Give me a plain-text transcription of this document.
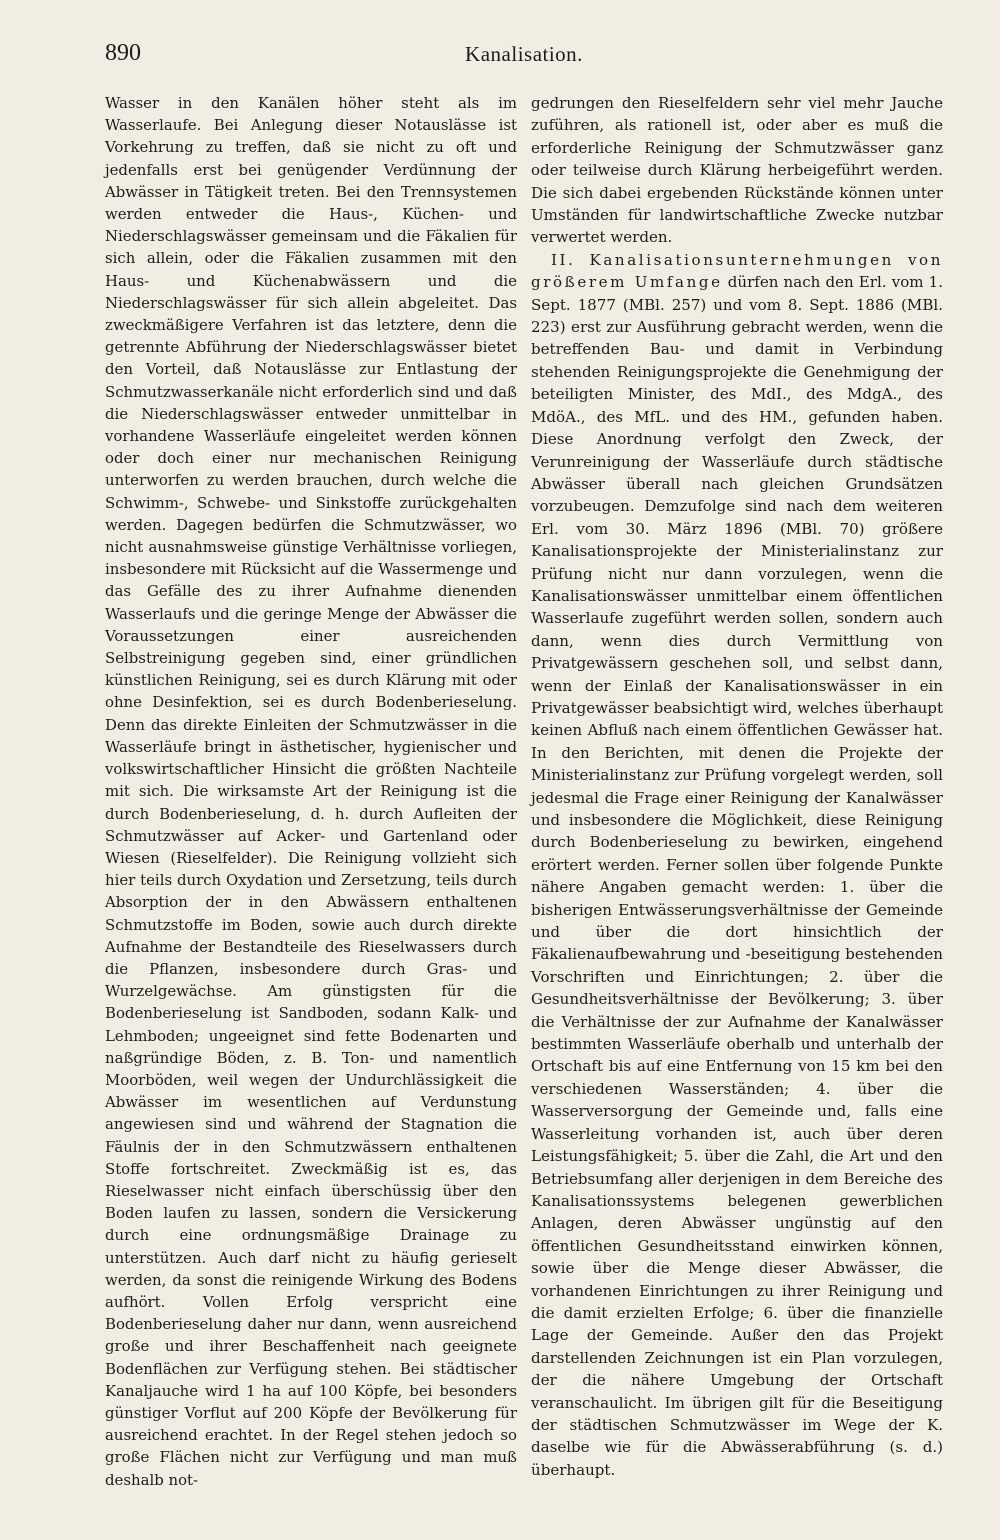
890	Kanalisation.

Wasser in den Kanälen höher steht als im Wasserlaufe. Bei Anlegung dieser Notauslässe ist Vorkehrung zu treffen, daß sie nicht zu oft und jedenfalls erst bei genügender Verdünnung der Abwässer in Tätigkeit treten. Bei den Trennsystemen werden entweder die Haus-, Küchen- und Niederschlagswässer gemeinsam und die Fäkalien für sich allein, oder die Fäkalien zusammen mit den Haus- und Küchenabwässern und die Niederschlagswässer für sich allein abgeleitet. Das zweckmäßigere Verfahren ist das letztere, denn die getrennte Abführung der Niederschlagswässer bietet den Vorteil, daß Notauslässe zur Entlastung der Schmutzwasserkanäle nicht erforderlich sind und daß die Niederschlagswässer entweder unmittelbar in vorhandene Wasserläufe eingeleitet werden können oder doch einer nur mechanischen Reinigung unterworfen zu werden brauchen, durch welche die Schwimm-, Schwebe- und Sinkstoffe zurückgehalten werden. Dagegen bedürfen die Schmutzwässer, wo nicht ausnahmsweise günstige Verhältnisse vorliegen, insbesondere mit Rücksicht auf die Wassermenge und das Gefälle des zu ihrer Aufnahme dienenden Wasserlaufs und die geringe Menge der Abwässer die Voraussetzungen einer ausreichenden Selbstreinigung gegeben sind, einer gründlichen künstlichen Reinigung, sei es durch Klärung mit oder ohne Desinfektion, sei es durch Bodenberieselung. Denn das direkte Einleiten der Schmutzwässer in die Wasserläufe bringt in ästhetischer, hygienischer und volkswirtschaftlicher Hinsicht die größten Nachteile mit sich. Die wirksamste Art der Reinigung ist die durch Bodenberieselung, d. h. durch Aufleiten der Schmutzwässer auf Acker- und Gartenland oder Wiesen (Rieselfelder). Die Reinigung vollzieht sich hier teils durch Oxydation und Zersetzung, teils durch Absorption der in den Abwässern enthaltenen Schmutzstoffe im Boden, sowie auch durch direkte Aufnahme der Bestandteile des Rieselwassers durch die Pflanzen, insbesondere durch Gras- und Wurzelgewächse. Am günstigsten für die Bodenberieselung ist Sandboden, sodann Kalk- und Lehmboden; ungeeignet sind fette Bodenarten und naßgründige Böden, z. B. Ton- und namentlich Moorböden, weil wegen der Undurchlässigkeit die Abwässer im wesentlichen auf Verdunstung angewiesen sind und während der Stagnation die Fäulnis der in den Schmutzwässern enthaltenen Stoffe fortschreitet. Zweckmäßig ist es, das Rieselwasser nicht einfach überschüssig über den Boden laufen zu lassen, sondern die Versickerung durch eine ordnungsmäßige Drainage zu unterstützen. Auch darf nicht zu häufig gerieselt werden, da sonst die reinigende Wirkung des Bodens aufhört. Vollen Erfolg verspricht eine Bodenberieselung daher nur dann, wenn ausreichend große und ihrer Beschaffenheit nach geeignete Bodenflächen zur Verfügung stehen. Bei städtischer Kanaljauche wird 1 ha auf 100 Köpfe, bei besonders günstiger Vorflut auf 200 Köpfe der Bevölkerung für ausreichend erachtet. In der Regel stehen jedoch so große Flächen nicht zur Verfügung und man muß deshalb not-

gedrungen den Rieselfeldern sehr viel mehr Jauche zuführen, als rationell ist, oder aber es muß die erforderliche Reinigung der Schmutzwässer ganz oder teilweise durch Klärung herbeigeführt werden. Die sich dabei ergebenden Rückstände können unter Umständen für landwirtschaftliche Zwecke nutzbar verwertet werden.

II. Kanalisationsunternehmungen von größerem Umfange dürfen nach den Erl. vom 1. Sept. 1877 (MBl. 257) und vom 8. Sept. 1886 (MBl. 223) erst zur Ausführung gebracht werden, wenn die betreffenden Bau- und damit in Verbindung stehenden Reinigungsprojekte die Genehmigung der beteiligten Minister, des MdI., des MdgA., des MdöA., des MfL. und des HM., gefunden haben. Diese Anordnung verfolgt den Zweck, der Verunreinigung der Wasserläufe durch städtische Abwässer überall nach gleichen Grundsätzen vorzubeugen. Demzufolge sind nach dem weiteren Erl. vom 30. März 1896 (MBl. 70) größere Kanalisationsprojekte der Ministerialinstanz zur Prüfung nicht nur dann vorzulegen, wenn die Kanalisationswässer unmittelbar einem öffentlichen Wasserlaufe zugeführt werden sollen, sondern auch dann, wenn dies durch Vermittlung von Privatgewässern geschehen soll, und selbst dann, wenn der Einlaß der Kanalisationswässer in ein Privatgewässer beabsichtigt wird, welches überhaupt keinen Abfluß nach einem öffentlichen Gewässer hat. In den Berichten, mit denen die Projekte der Ministerialinstanz zur Prüfung vorgelegt werden, soll jedesmal die Frage einer Reinigung der Kanalwässer und insbesondere die Möglichkeit, diese Reinigung durch Bodenberieselung zu bewirken, eingehend erörtert werden. Ferner sollen über folgende Punkte nähere Angaben gemacht werden: 1. über die bisherigen Entwässerungsverhältnisse der Gemeinde und über die dort hinsichtlich der Fäkalienaufbewahrung und -beseitigung bestehenden Vorschriften und Einrichtungen; 2. über die Gesundheitsverhältnisse der Bevölkerung; 3. über die Verhältnisse der zur Aufnahme der Kanalwässer bestimmten Wasserläufe oberhalb und unterhalb der Ortschaft bis auf eine Entfernung von 15 km bei den verschiedenen Wasserständen; 4. über die Wasserversorgung der Gemeinde und, falls eine Wasserleitung vorhanden ist, auch über deren Leistungsfähigkeit; 5. über die Zahl, die Art und den Betriebsumfang aller derjenigen in dem Bereiche des Kanalisationssystems belegenen gewerblichen Anlagen, deren Abwässer ungünstig auf den öffentlichen Gesundheitsstand einwirken können, sowie über die Menge dieser Abwässer, die vorhandenen Einrichtungen zu ihrer Reinigung und die damit erzielten Erfolge; 6. über die finanzielle Lage der Gemeinde. Außer den das Projekt darstellenden Zeichnungen ist ein Plan vorzulegen, der die nähere Umgebung der Ortschaft veranschaulicht. Im übrigen gilt für die Beseitigung der städtischen Schmutzwässer im Wege der K. daselbe wie für die Abwässerabführung (s. d.) überhaupt.
